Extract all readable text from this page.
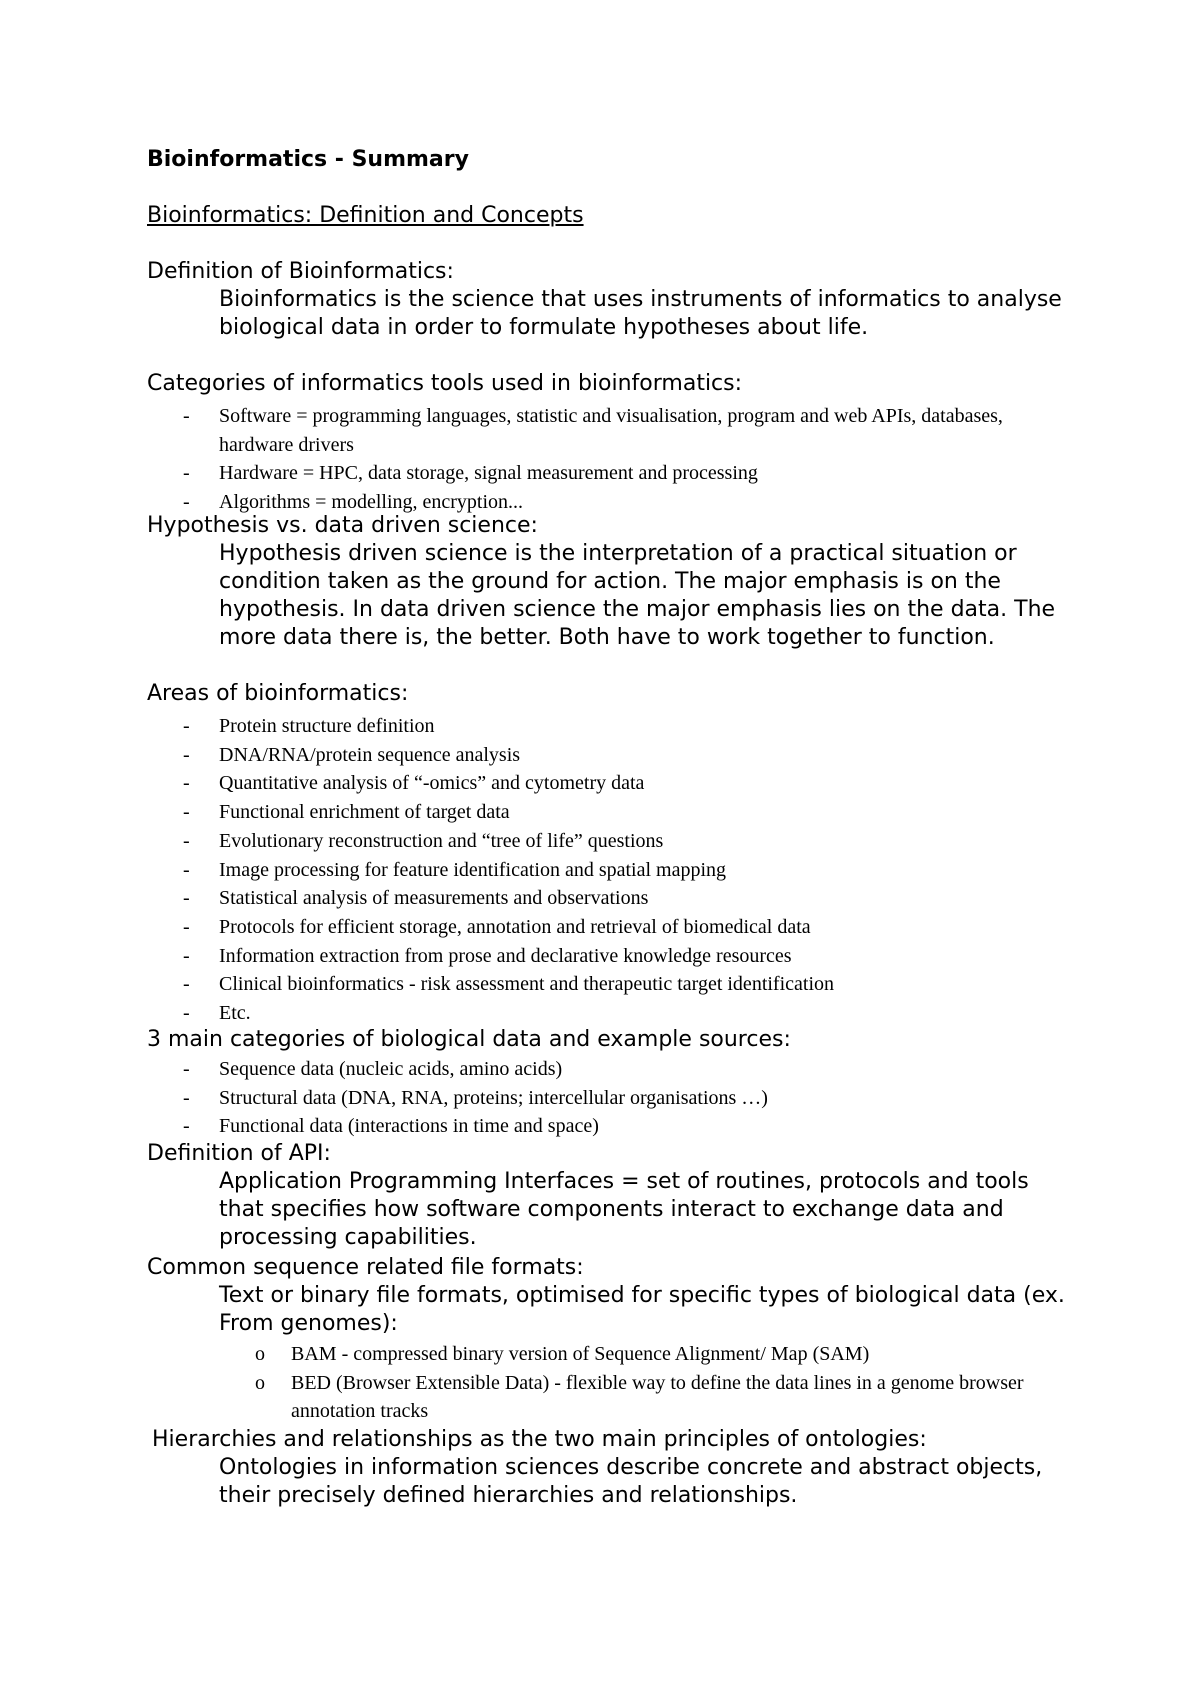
Bioinformatics - Summary
Bioinformatics: Definition and Concepts
Definition of Bioinformatics:
Bioinformatics is the science that uses instruments of informatics to analyse biological data in order to formulate hypotheses about life.
Categories of informatics tools used in bioinformatics:
- Software = programming languages, statistic and visualisation, program and web APIs, databases, hardware drivers
- Hardware = HPC, data storage, signal measurement and processing
- Algorithms = modelling, encryption...
Hypothesis vs. data driven science:
Hypothesis driven science is the interpretation of a practical situation or condition taken as the ground for action. The major emphasis is on the hypothesis. In data driven science the major emphasis lies on the data. The more data there is, the better. Both have to work together to function.
Areas of bioinformatics:
- Protein structure definition
- DNA/RNA/protein sequence analysis
- Quantitative analysis of “-omics” and cytometry data
- Functional enrichment of target data
- Evolutionary reconstruction and “tree of life” questions
- Image processing for feature identification and spatial mapping
- Statistical analysis of measurements and observations
- Protocols for efficient storage, annotation and retrieval of biomedical data
- Information extraction from prose and declarative knowledge resources
- Clinical bioinformatics - risk assessment and therapeutic target identification
- Etc.
3 main categories of biological data and example sources:
- Sequence data (nucleic acids, amino acids)
- Structural data (DNA, RNA, proteins; intercellular organisations …)
- Functional data (interactions in time and space)
Definition of API:
Application Programming Interfaces = set of routines, protocols and tools that specifies how software components interact to exchange data and processing capabilities.
Common sequence related file formats:
Text or binary file formats, optimised for specific types of biological data (ex. From genomes):
o BAM - compressed binary version of Sequence Alignment/ Map (SAM)
o BED (Browser Extensible Data) - flexible way to define the data lines in a genome browser annotation tracks
Hierarchies and relationships as the two main principles of ontologies:
Ontologies in information sciences describe concrete and abstract objects, their precisely defined hierarchies and relationships.
